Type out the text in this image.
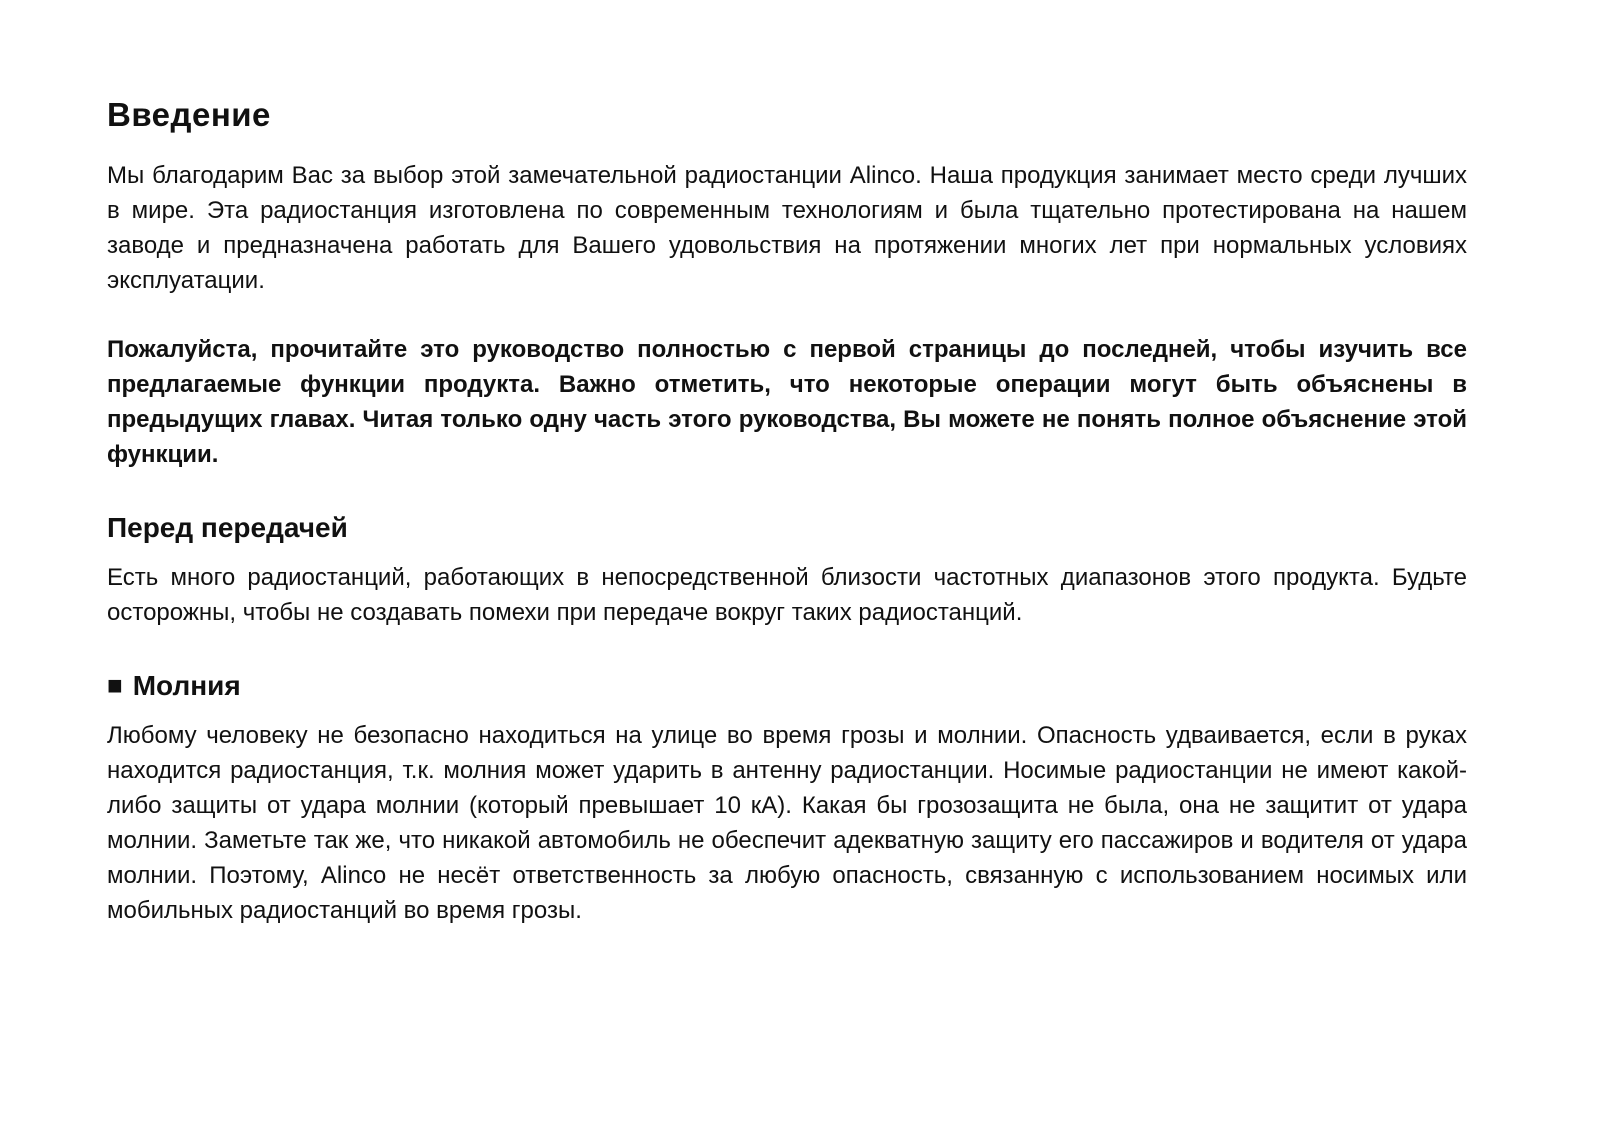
Введение

Мы благодарим Вас за выбор этой замечательной радиостанции Alinco. Наша продукция занимает место среди лучших в мире. Эта радиостанция изготовлена по современным технологиям и была тщательно протестирована на нашем заводе и предназначена работать для Вашего удовольствия на протяжении многих лет при нормальных условиях эксплуатации.

Пожалуйста, прочитайте это руководство полностью с первой страницы до последней, чтобы изучить все предлагаемые функции продукта. Важно отметить, что некоторые операции могут быть объяснены в предыдущих главах. Читая только одну часть этого руководства, Вы можете не понять полное объяснение этой функции.

Перед передачей

Есть много радиостанций, работающих в непосредственной близости частотных диапазонов этого продукта. Будьте осторожны, чтобы не создавать помехи при передаче вокруг таких радиостанций.

■ Молния

Любому человеку не безопасно находиться на улице во время грозы и молнии. Опасность удваивается, если в руках находится радиостанция, т.к. молния может ударить в антенну радиостанции. Носимые радиостанции не имеют какой-либо защиты от удара молнии (который превышает 10 кА). Какая бы грозозащита не была, она не защитит от удара молнии. Заметьте так же, что никакой автомобиль не обеспечит адекватную защиту его пассажиров и водителя от удара молнии. Поэтому, Alinco не несёт ответственность за любую опасность, связанную с использованием носимых или мобильных радиостанций во время грозы.
